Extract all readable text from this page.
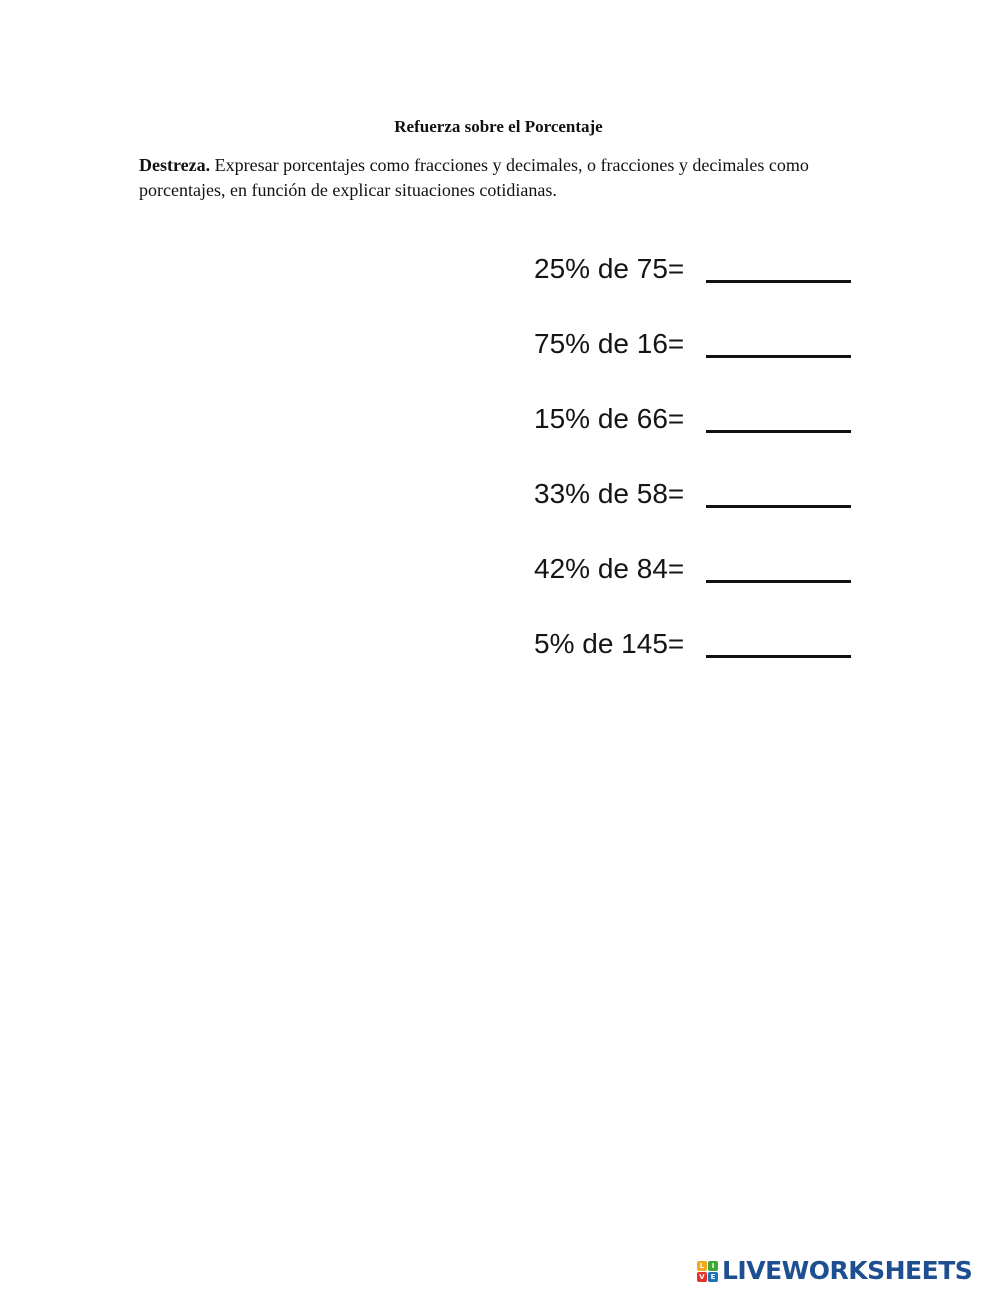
Refuerza sobre el Porcentaje
Destreza. Expresar porcentajes como fracciones y decimales, o fracciones y decimales como porcentajes, en función de explicar situaciones cotidianas.
25% de 75=
75% de 16=
15% de 66=
33% de 58=
42% de 84=
5% de 145=
L	I
V E LIVEWORKSHEETS
